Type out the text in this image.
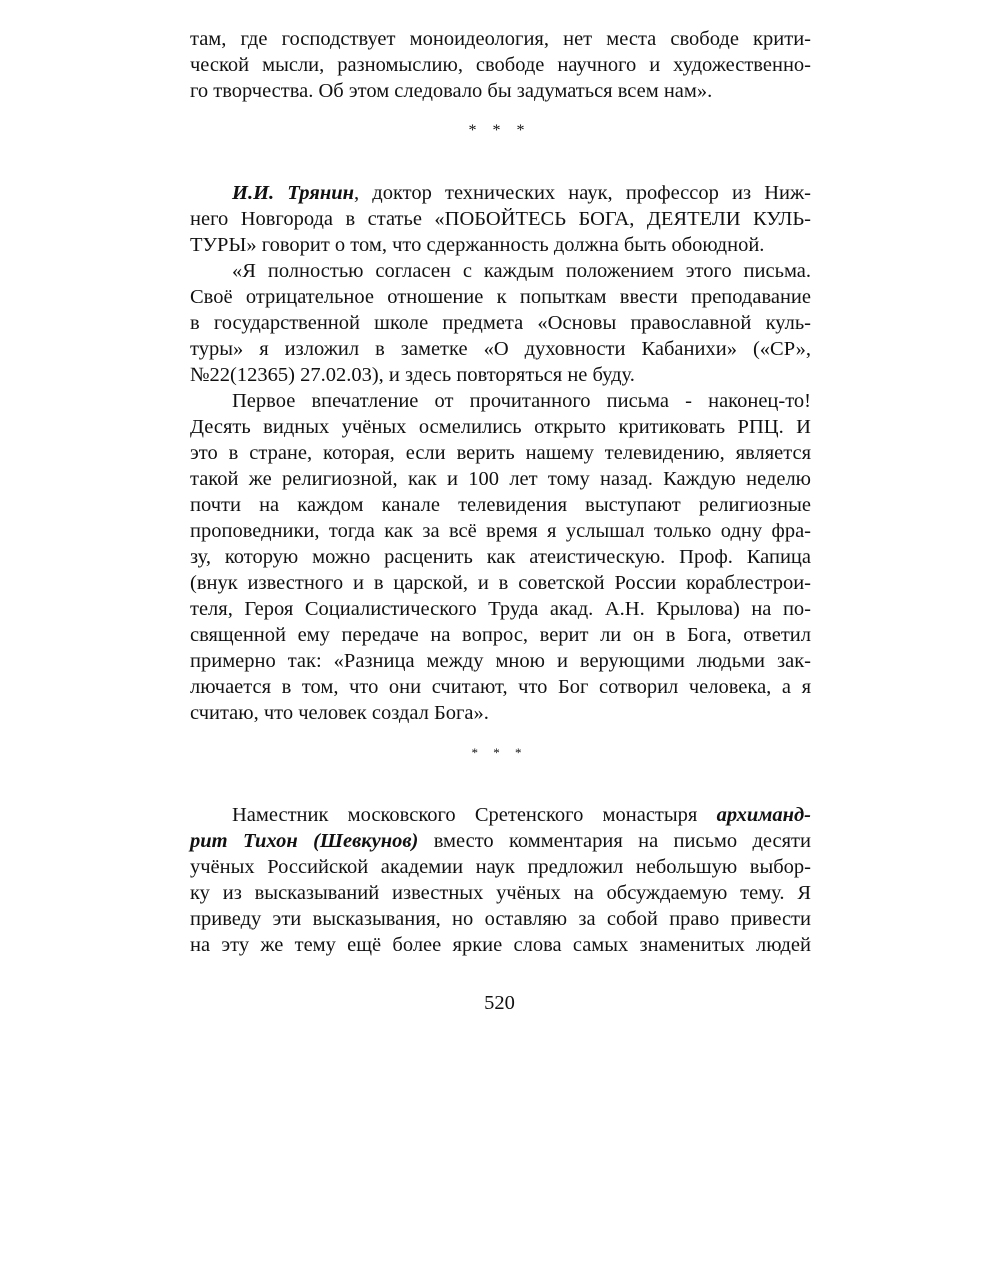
там, где господствует моноидеология, нет места свободе крити-
ческой мысли, разномыслию, свободе научного и художественно-
го творчества. Об этом следовало бы задуматься всем нам».
* * *
И.И. Трянин, доктор технических наук, профессор из Ниж-
него Новгорода в статье «ПОБОЙТЕСЬ БОГА, ДЕЯТЕЛИ КУЛЬ-
ТУРЫ» говорит о том, что сдержанность должна быть обоюдной.
«Я полностью согласен с каждым положением этого письма.
Своё отрицательное отношение к попыткам ввести преподавание
в государственной школе предмета «Основы православной куль-
туры» я изложил в заметке «О духовности Кабанихи» («СР»,
№22(12365) 27.02.03), и здесь повторяться не буду.
Первое впечатление от прочитанного письма - наконец-то!
Десять видных учёных осмелились открыто критиковать РПЦ. И
это в стране, которая, если верить нашему телевидению, является
такой же религиозной, как и 100 лет тому назад. Каждую неделю
почти на каждом канале телевидения выступают религиозные
проповедники, тогда как за всё время я услышал только одну фра-
зу, которую можно расценить как атеистическую. Проф. Капица
(внук известного и в царской, и в советской России кораблестрои-
теля, Героя Социалистического Труда акад. А.Н. Крылова) на по-
священной ему передаче на вопрос, верит ли он в Бога, ответил
примерно так: «Разница между мною и верующими людьми зак-
лючается в том, что они считают, что Бог сотворил человека, а я
считаю, что человек создал Бога».
* * *
Наместник московского Сретенского монастыря архиманд-
рит Тихон (Шевкунов) вместо комментария на письмо десяти
учёных Российской академии наук предложил небольшую выбор-
ку из высказываний известных учёных на обсуждаемую тему. Я
приведу эти высказывания, но оставляю за собой право привести
на эту же тему ещё более яркие слова самых знаменитых людей
520
